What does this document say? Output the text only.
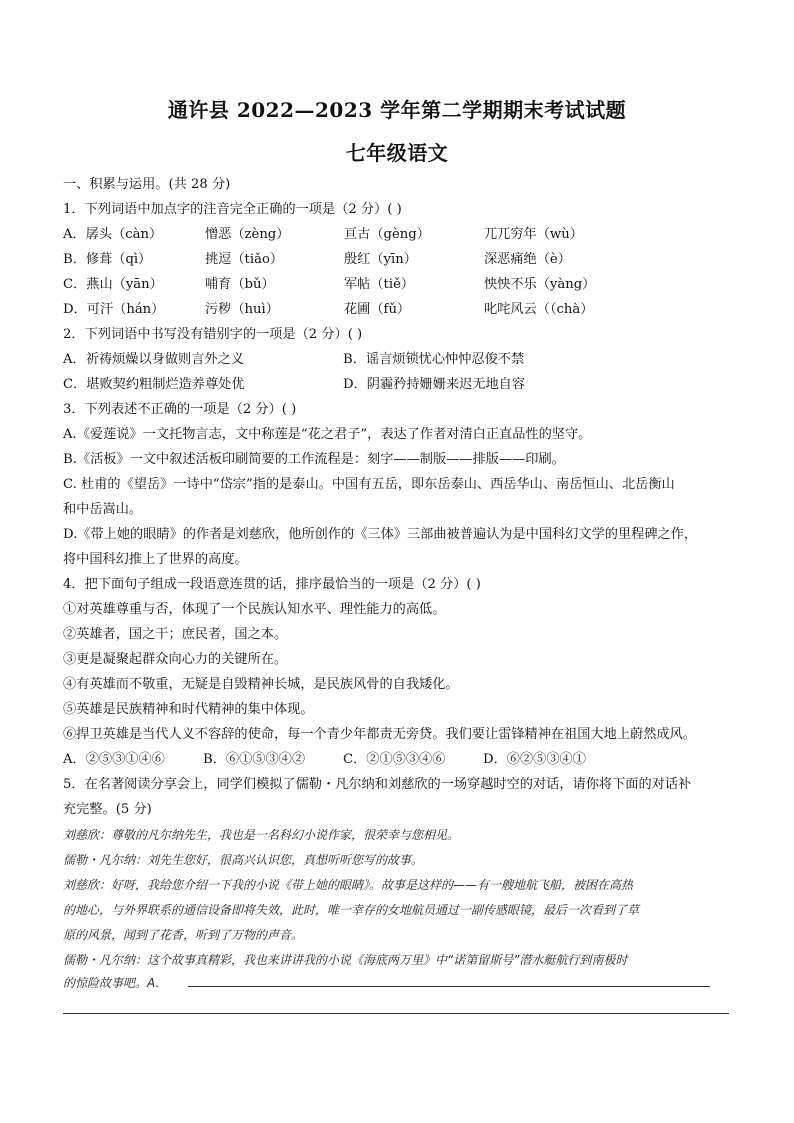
通许县 2022—2023 学年第二学期期末考试试题
七年级语文
一、积累与运用。(共 28 分)
1．下列词语中加点字的注音完全正确的一项是（2 分）( )
A．孱头（càn）	憎恶（zèng）	亘古（gèng）	兀兀穷年（wù）
B．修葺（qì）	挑逗（tiǎo）	殷红（yīn）	深恶痛绝（è）
C．燕山（yān）	哺育（bǔ）	军帖（tiě）	怏怏不乐（yàng）
D．可汗（hán）	污秽（huì）	花圃（fǔ）	叱咤风云（（chà）
2．下列词语中书写没有错别字的一项是（2 分）( )
A．祈祷烦燥以身做则言外之义	B．谣言烦锁忧心忡忡忍俊不禁
C．堪败契约粗制烂造养尊处优	D．阴霾矜持姗姗来迟无地自容
3．下列表述不正确的一项是（2 分）( )
A.《爱莲说》一文托物言志，文中称莲是“花之君子”，表达了作者对清白正直品性的坚守。
B.《活板》一文中叙述活板印刷简要的工作流程是：刻字——制版——排版——印刷。
C. 杜甫的《望岳》一诗中“岱宗”指的是泰山。中国有五岳，即东岳泰山、西岳华山、南岳恒山、北岳衡山
和中岳嵩山。
D.《带上她的眼睛》的作者是刘慈欣，他所创作的《三体》三部曲被普遍认为是中国科幻文学的里程碑之作，
将中国科幻推上了世界的高度。
4．把下面句子组成一段语意连贯的话，排序最恰当的一项是（2 分）( )
①对英雄尊重与否，体现了一个民族认知水平、理性能力的高低。
②英雄者，国之干；庶民者，国之本。
③更是凝聚起群众向心力的关键所在。
④有英雄而不敬重，无疑是自毁精神长城，是民族风骨的自我矮化。
⑤英雄是民族精神和时代精神的集中体现。
⑥捍卫英雄是当代人义不容辞的使命，每一个青少年都责无旁贷。我们要让雷锋精神在祖国大地上蔚然成风。
A．②⑤③①④⑥	B．⑥①⑤③④②	C．②①⑤③④⑥	D．⑥②⑤③④①
5．在名著阅读分享会上，同学们模拟了儒勒・凡尔纳和刘慈欣的一场穿越时空的对话，请你将下面的对话补
充完整。(5 分)
刘慈欣：尊敬的凡尔纳先生，我也是一名科幻小说作家，很荣幸与您相见。
儒勒・凡尔纳：刘先生您好，很高兴认识您，真想听听您写的故事。
刘慈欣：好呀，我给您介绍一下我的小说《带上她的眼睛》。故事是这样的——有一艘地航飞船，被困在高热
的地心，与外界联系的通信设备即将失效，此时，唯一幸存的女地航员通过一副传感眼镜，最后一次看到了草
原的风景，闻到了花香，听到了万物的声音。
儒勒・凡尔纳：这个故事真精彩，我也来讲讲我的小说《海底两万里》中“诺第留斯号”潜水艇航行到南极时
的惊险故事吧。A．
